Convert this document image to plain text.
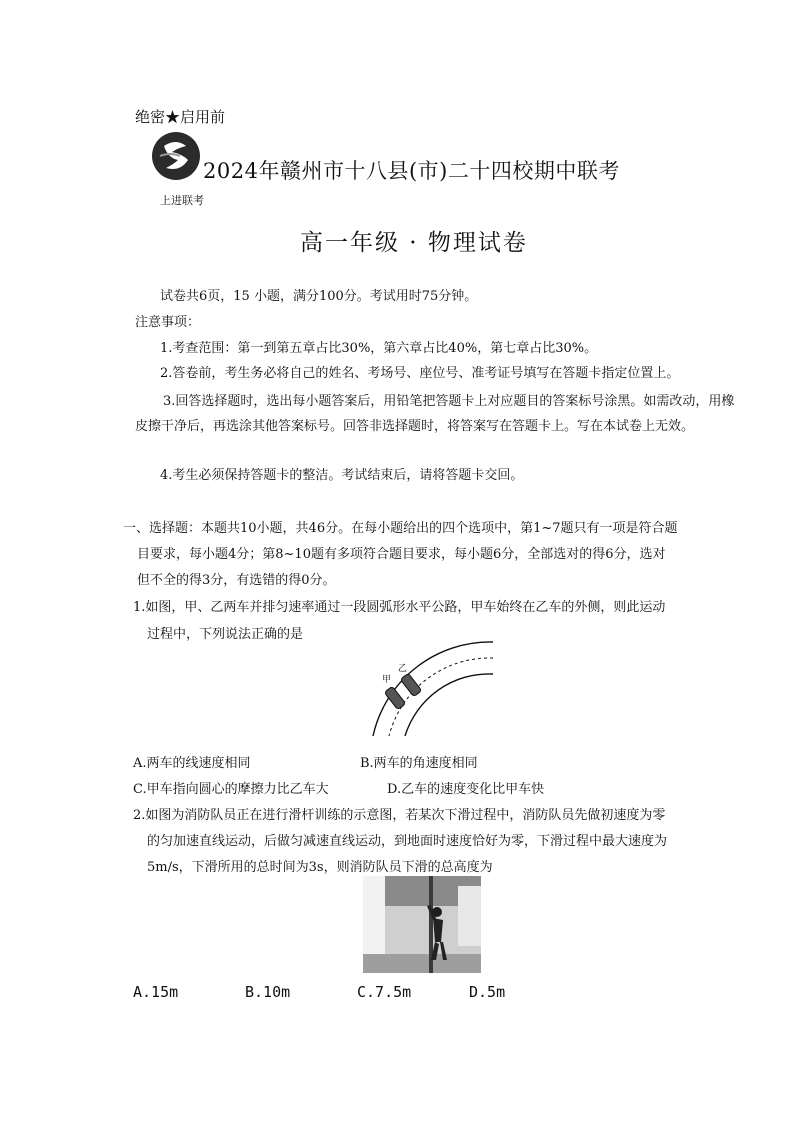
绝密★启用前
2024年赣州市十八县(市)二十四校期中联考
上进联考
高一年级 · 物理试卷
试卷共6页，15 小题，满分100分。考试用时75分钟。
注意事项：
1.考查范围：第一到第五章占比30%，第六章占比40%，第七章占比30%。
2.答卷前，考生务必将自己的姓名、考场号、座位号、准考证号填写在答题卡指定位置上。
3.回答选择题时，选出每小题答案后，用铅笔把答题卡上对应题目的答案标号涂黑。如需改动，用橡皮擦干净后，再选涂其他答案标号。回答非选择题时，将答案写在答题卡上。写在本试卷上无效。
4.考生必须保持答题卡的整洁。考试结束后，请将答题卡交回。
一、选择题：本题共10小题，共46分。在每小题给出的四个选项中，第1~7题只有一项是符合题
目要求，每小题4分；第8~10题有多项符合题目要求，每小题6分，全部选对的得6分，选对
但不全的得3分，有选错的得0分。
1.如图，甲、乙两车并排匀速率通过一段圆弧形水平公路，甲车始终在乙车的外侧，则此运动
过程中，下列说法正确的是
甲
乙
A.两车的线速度相同	B.两车的角速度相同
C.甲车指向圆心的摩擦力比乙车大	D.乙车的速度变化比甲车快
2.如图为消防队员正在进行滑杆训练的示意图，若某次下滑过程中，消防队员先做初速度为零
的匀加速直线运动，后做匀减速直线运动，到地面时速度恰好为零，下滑过程中最大速度为
5m/s，下滑所用的总时间为3s，则消防队员下滑的总高度为
A.15m	B.10m	C.7.5m	D.5m
